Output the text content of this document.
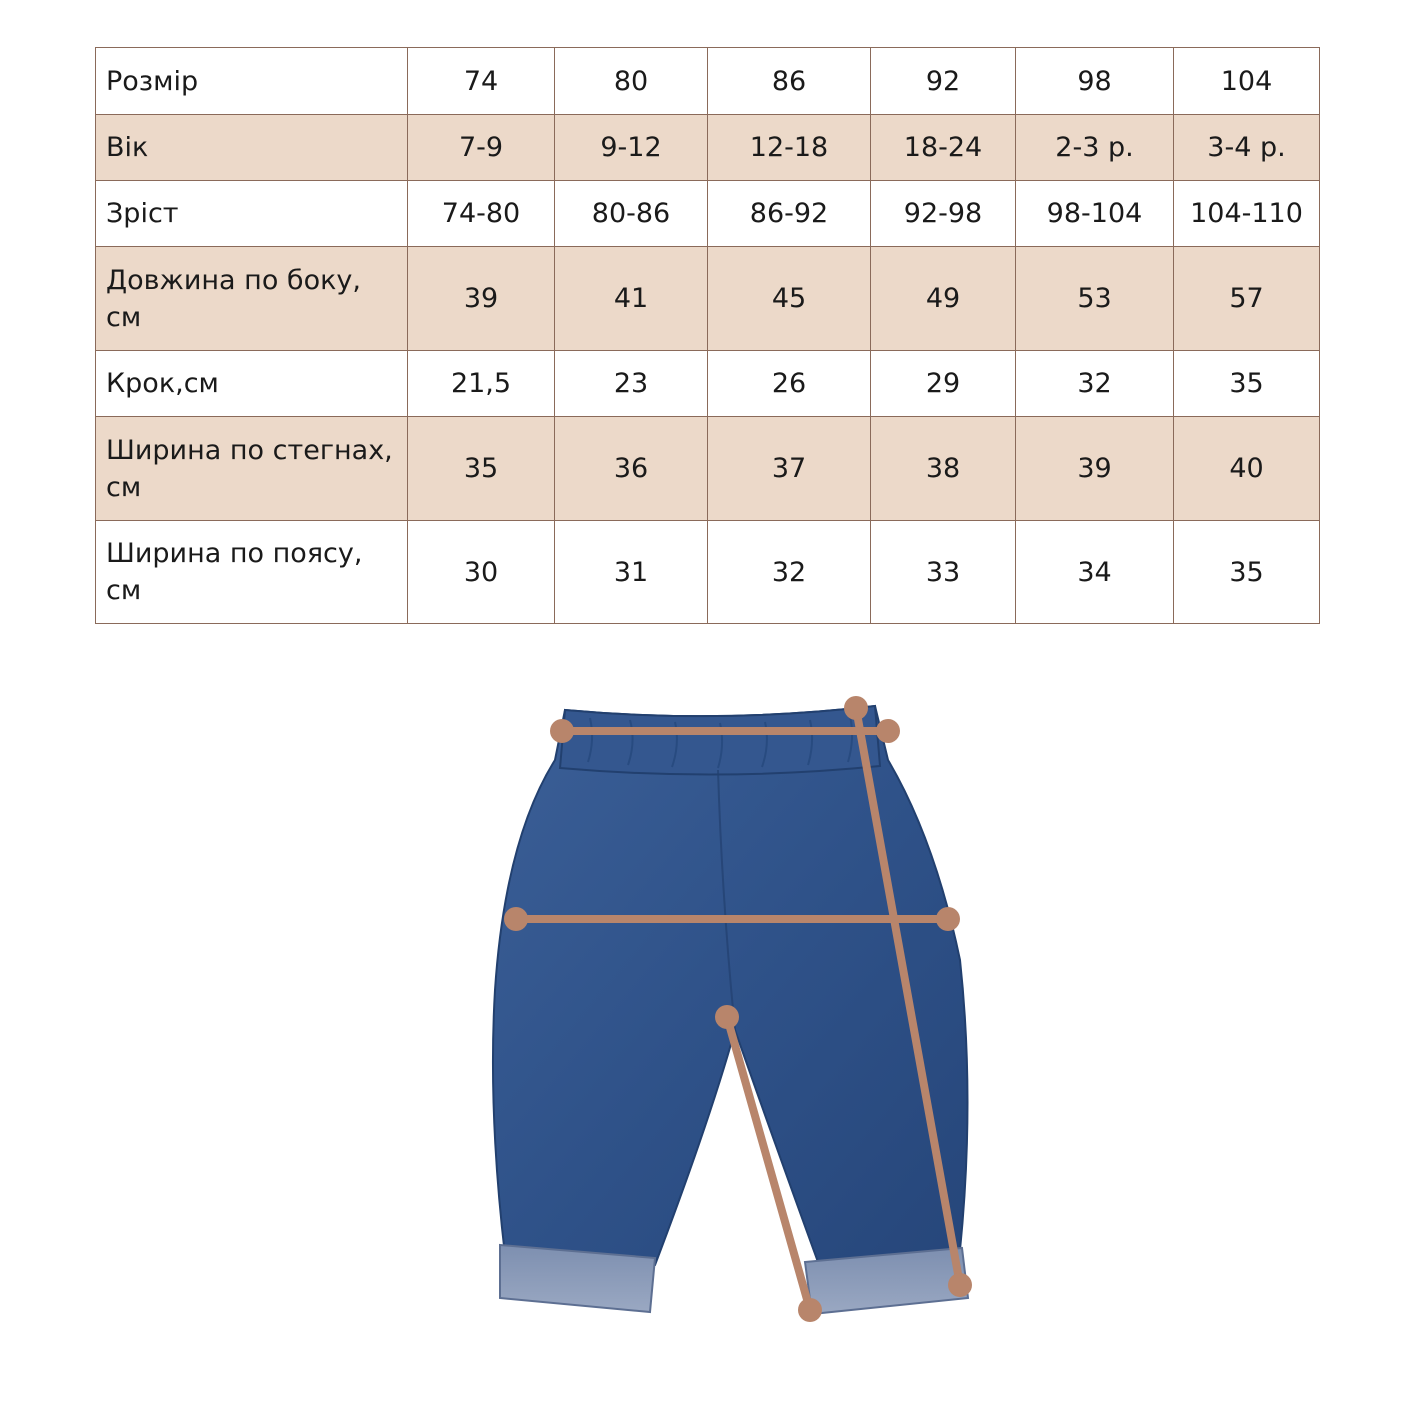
Розмір	74	80	86	92	98	104
Вік	7-9	9-12	12-18	18-24	2-3 р.	3-4 р.
Зріст	74-80	80-86	86-92	92-98	98-104	104-110
Довжина по боку, см	39	41	45	49	53	57
Крок,см	21,5	23	26	29	32	35
Ширина по стегнах, см	35	36	37	38	39	40
Ширина по поясу, см	30	31	32	33	34	35
